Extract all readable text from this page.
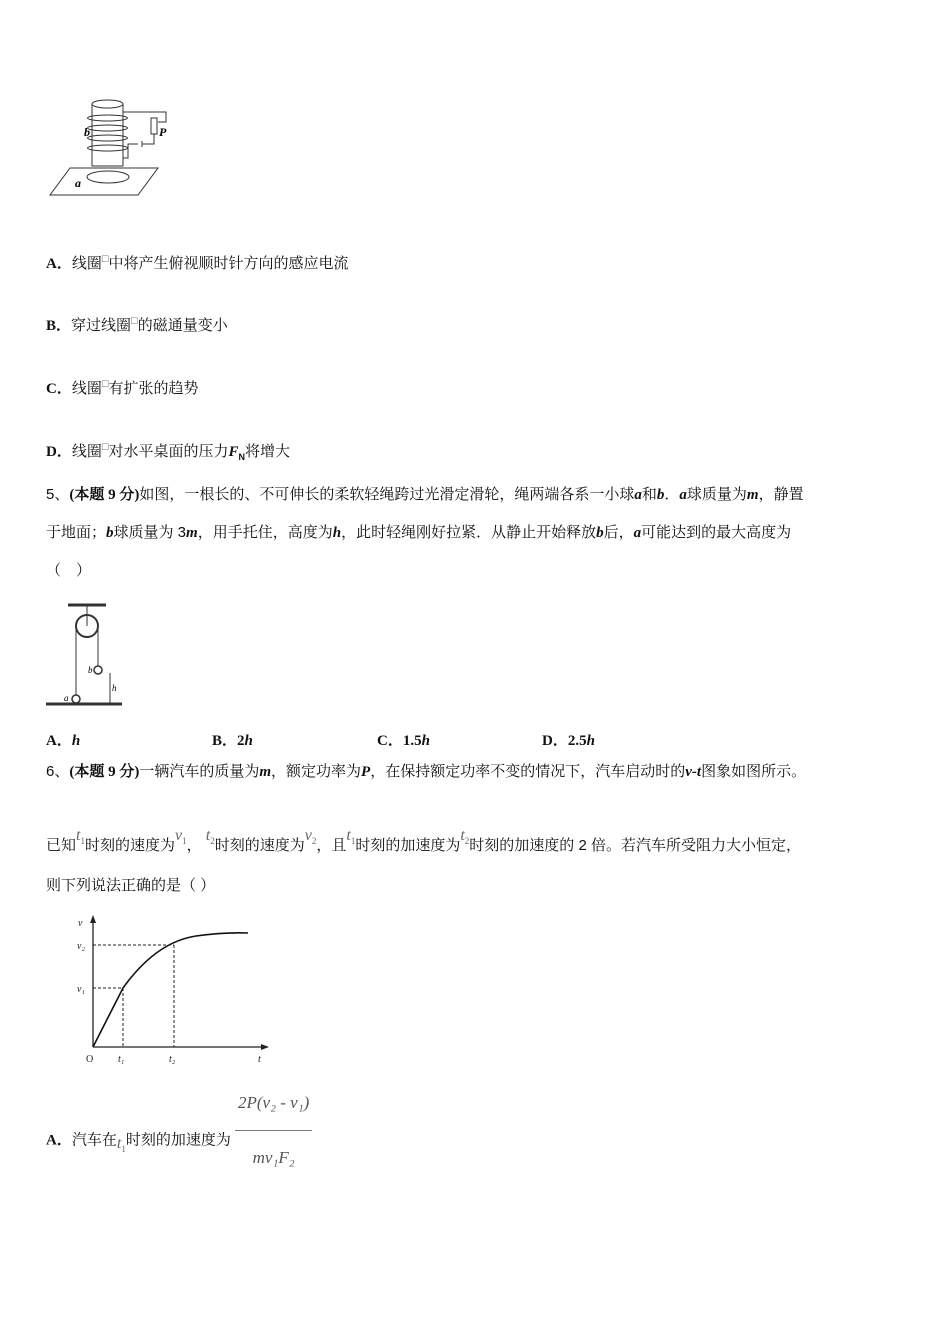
b	P
a
A．线圈□中将产生俯视顺时针方向的感应电流
B．穿过线圈□的磁通量变小
C．线圈□有扩张的趋势
D．线圈□对水平桌面的压力$F_N$将增大
5、(本题 9 分)如图，一根长的、不可伸长的柔软轻绳跨过光滑定滑轮，绳两端各系一小球a和b．a球质量为m，静置
于地面；b球质量为 3m，用手托住，高度为h，此时轻绳刚好拉紧．从静止开始释放b后，a可能达到的最大高度为
（　）
b
a
h
A．h	B．2h	C．1.5h	D．2.5h
6、(本题 9 分)一辆汽车的质量为m，额定功率为P，在保持额定功率不变的情况下，汽车启动时的v-t图象如图所示。
已知$t_1$时刻的速度为$v_1$， $t_2$时刻的速度为$v_2$，且$t_1$时刻的加速度为$t_2$时刻的加速度的 2 倍。若汽车所受阻力大小恒定，
则下列说法正确的是（ ）
v
v₂
v₁
t₁	t₂	t
O
A．汽车在$t_1$时刻的加速度为 $\frac{\text{2P(v₂ - v₁)}}{\text{mv₁F₂}}$
